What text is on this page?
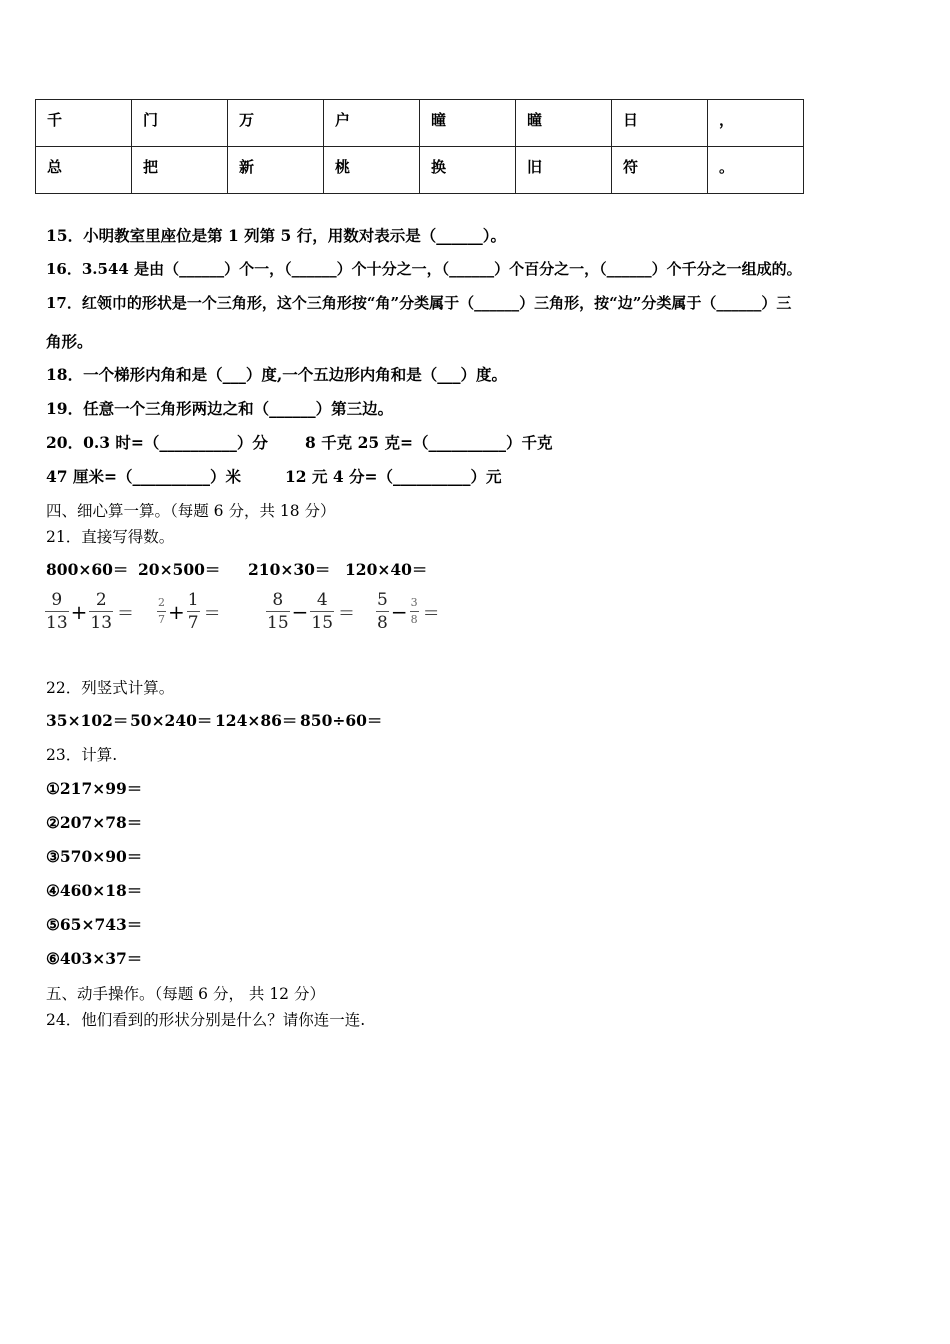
千	门	万	户	曈	曈	日	，
总	把	新	桃	换	旧	符	。
15．小明教室里座位是第 1 列第 5 行，用数对表示是（______）。
16．3.544 是由（______）个一，（______）个十分之一，（______）个百分之一，（______）个千分之一组成的。
17．红领巾的形状是一个三角形，这个三角形按“角”分类属于（______）三角形，按“边”分类属于（______）三
角形。
18．一个梯形内角和是（___）度,一个五边形内角和是（___）度。
19．任意一个三角形两边之和（______）第三边。
20．0.3 时=（__________）分 8 千克 25 克=（__________）千克
47 厘米=（__________）米	12 元 4 分=（__________）元
四、细心算一算。（每题 6 分，共 18 分）
21．直接写得数。
800×60＝ 20×500＝ 210×30＝ 120×40＝
$\frac{9}{13} + \frac{2}{13} = \frac{2}{7} + \frac{1}{7}$ ＝	$\frac{8}{15} - \frac{4}{15} = \frac{5}{8} - \frac{3}{8}$ ＝
22．列竖式计算。
35×102＝ 50×240＝ 124×86＝ 850÷60＝
23．计算.
①217×99＝
②207×78＝
③570×90＝
④460×18＝
⑤65×743＝
⑥403×37＝
五、动手操作。（每题 6 分， 共 12 分）
24．他们看到的形状分别是什么？请你连一连.
